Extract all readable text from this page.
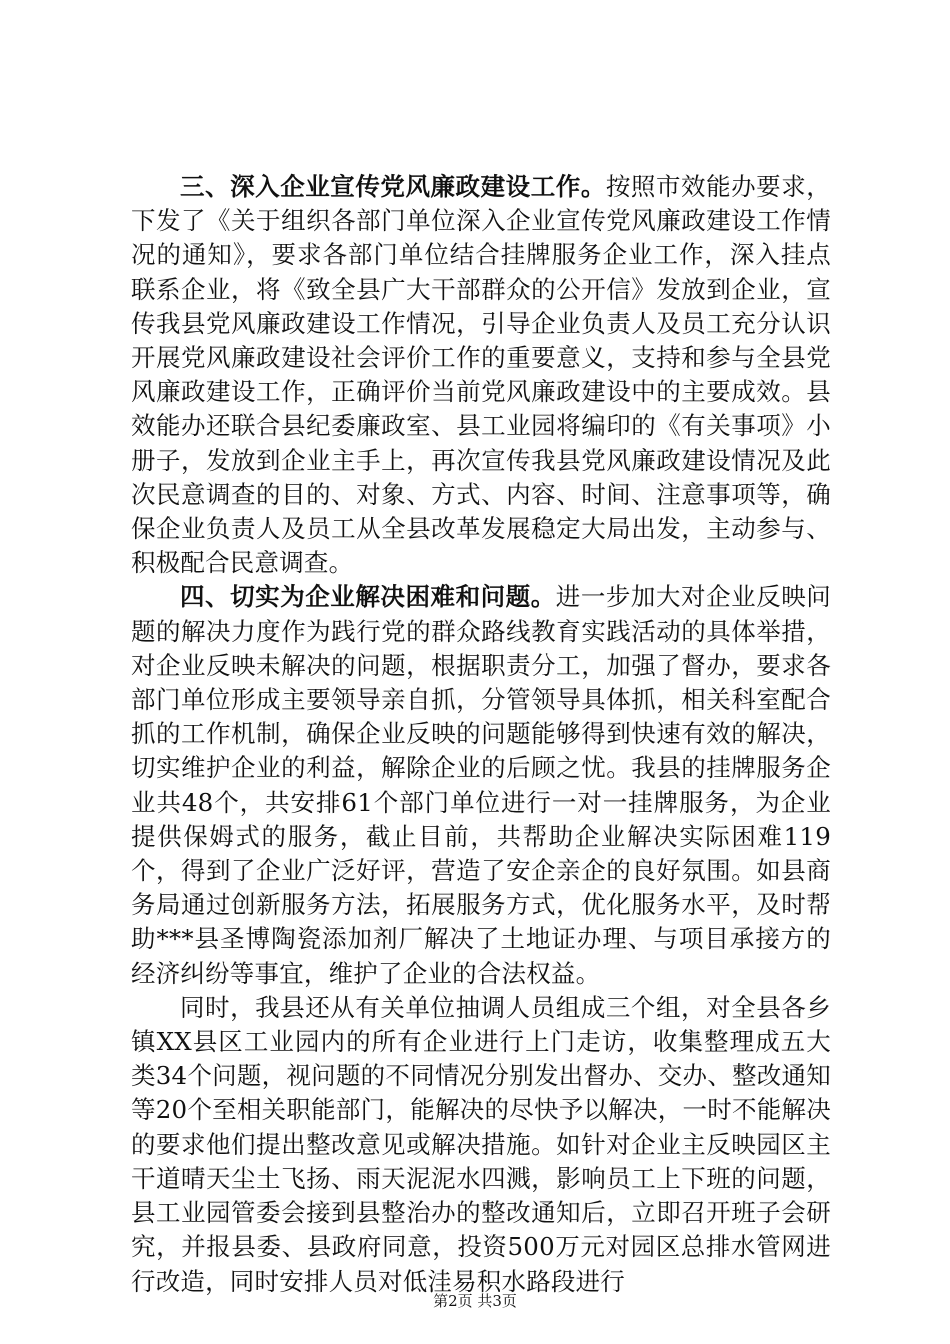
三、深入企业宣传党风廉政建设工作。按照市效能办要求，下发了《关于组织各部门单位深入企业宣传党风廉政建设工作情况的通知》，要求各部门单位结合挂牌服务企业工作，深入挂点联系企业，将《致全县广大干部群众的公开信》发放到企业，宣传我县党风廉政建设工作情况，引导企业负责人及员工充分认识开展党风廉政建设社会评价工作的重要意义，支持和参与全县党风廉政建设工作，正确评价当前党风廉政建设中的主要成效。县效能办还联合县纪委廉政室、县工业园将编印的《有关事项》小册子，发放到企业主手上，再次宣传我县党风廉政建设情况及此次民意调查的目的、对象、方式、内容、时间、注意事项等，确保企业负责人及员工从全县改革发展稳定大局出发，主动参与、积极配合民意调查。

四、切实为企业解决困难和问题。进一步加大对企业反映问题的解决力度作为践行党的群众路线教育实践活动的具体举措，对企业反映未解决的问题，根据职责分工，加强了督办，要求各部门单位形成主要领导亲自抓，分管领导具体抓，相关科室配合抓的工作机制，确保企业反映的问题能够得到快速有效的解决，切实维护企业的利益，解除企业的后顾之忧。我县的挂牌服务企业共48个，共安排61个部门单位进行一对一挂牌服务，为企业提供保姆式的服务，截止目前，共帮助企业解决实际困难119个，得到了企业广泛好评，营造了安企亲企的良好氛围。如县商务局通过创新服务方法，拓展服务方式，优化服务水平，及时帮助***县圣博陶瓷添加剂厂解决了土地证办理、与项目承接方的经济纠纷等事宜，维护了企业的合法权益。

同时，我县还从有关单位抽调人员组成三个组，对全县各乡镇XX县区工业园内的所有企业进行上门走访，收集整理成五大类34个问题，视问题的不同情况分别发出督办、交办、整改通知等20个至相关职能部门，能解决的尽快予以解决，一时不能解决的要求他们提出整改意见或解决措施。如针对企业主反映园区主干道晴天尘土飞扬、雨天泥泥水四溅，影响员工上下班的问题，县工业园管委会接到县整治办的整改通知后，立即召开班子会研究，并报县委、县政府同意，投资500万元对园区总排水管网进行改造，同时安排人员对低洼易积水路段进行

第2页 共3页
